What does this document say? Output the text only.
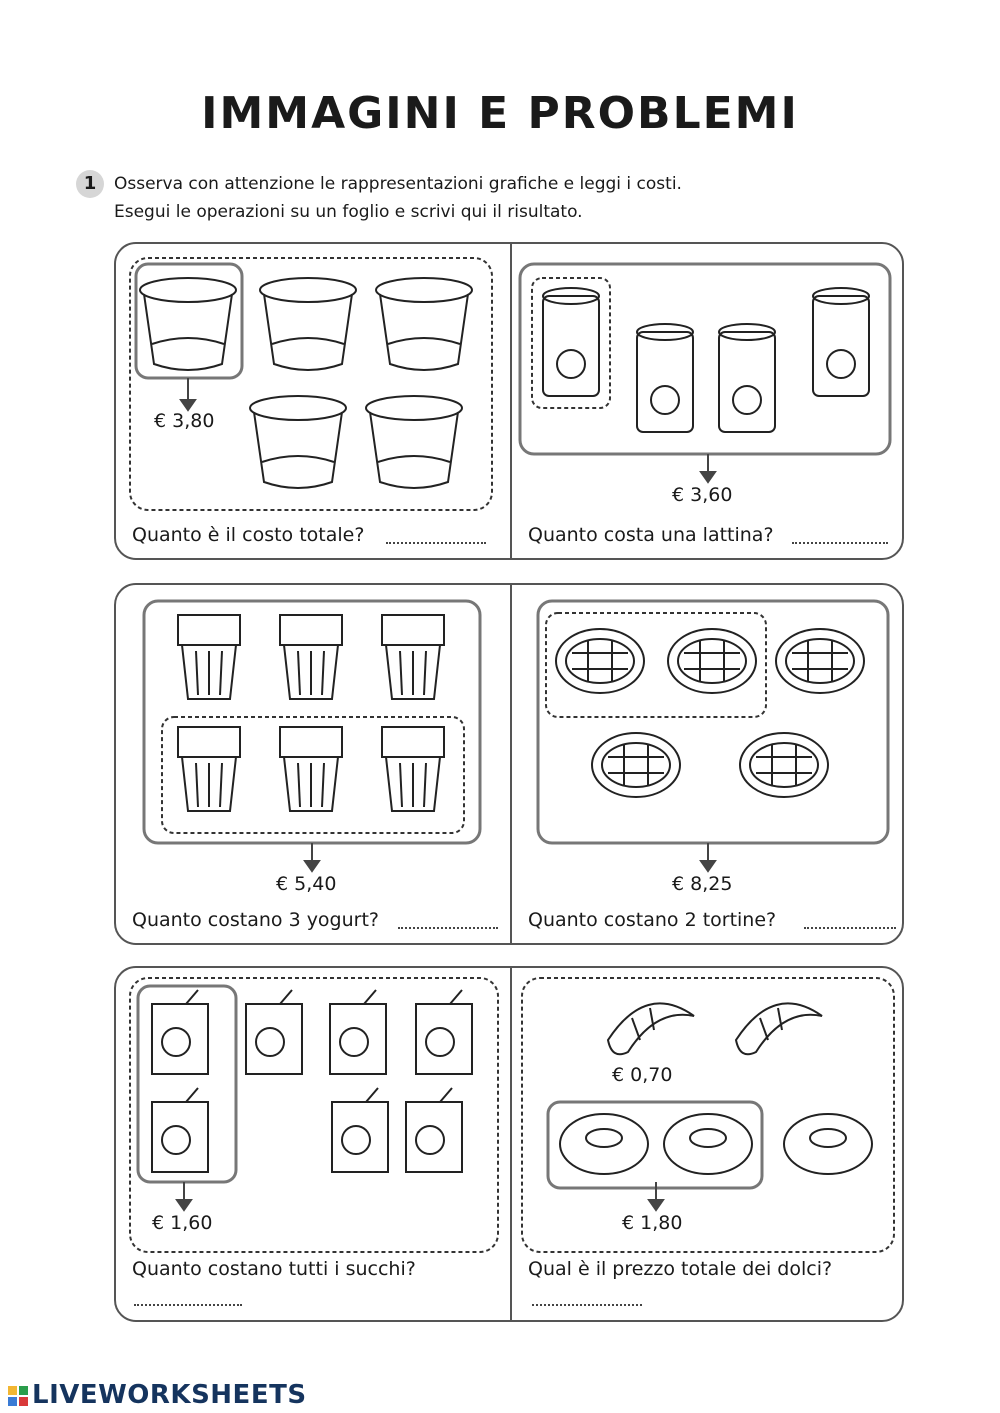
IMMAGINI E PROBLEMI
1	Osserva con attenzione le rappresentazioni grafiche e leggi i costi.
Esegui le operazioni su un foglio e scrivi qui il risultato.
€ 3,80
€ 3,60
Quanto è il costo totale?	Quanto costa una lattina?
€ 5,40	€ 8,25
Quanto costano 3 yogurt?	Quanto costano 2 tortine?
€ 1,60
€ 0,70
€ 1,80
Quanto costano tutti i succhi?	Qual è il prezzo totale dei dolci?
LIVEWORKSHEETS
